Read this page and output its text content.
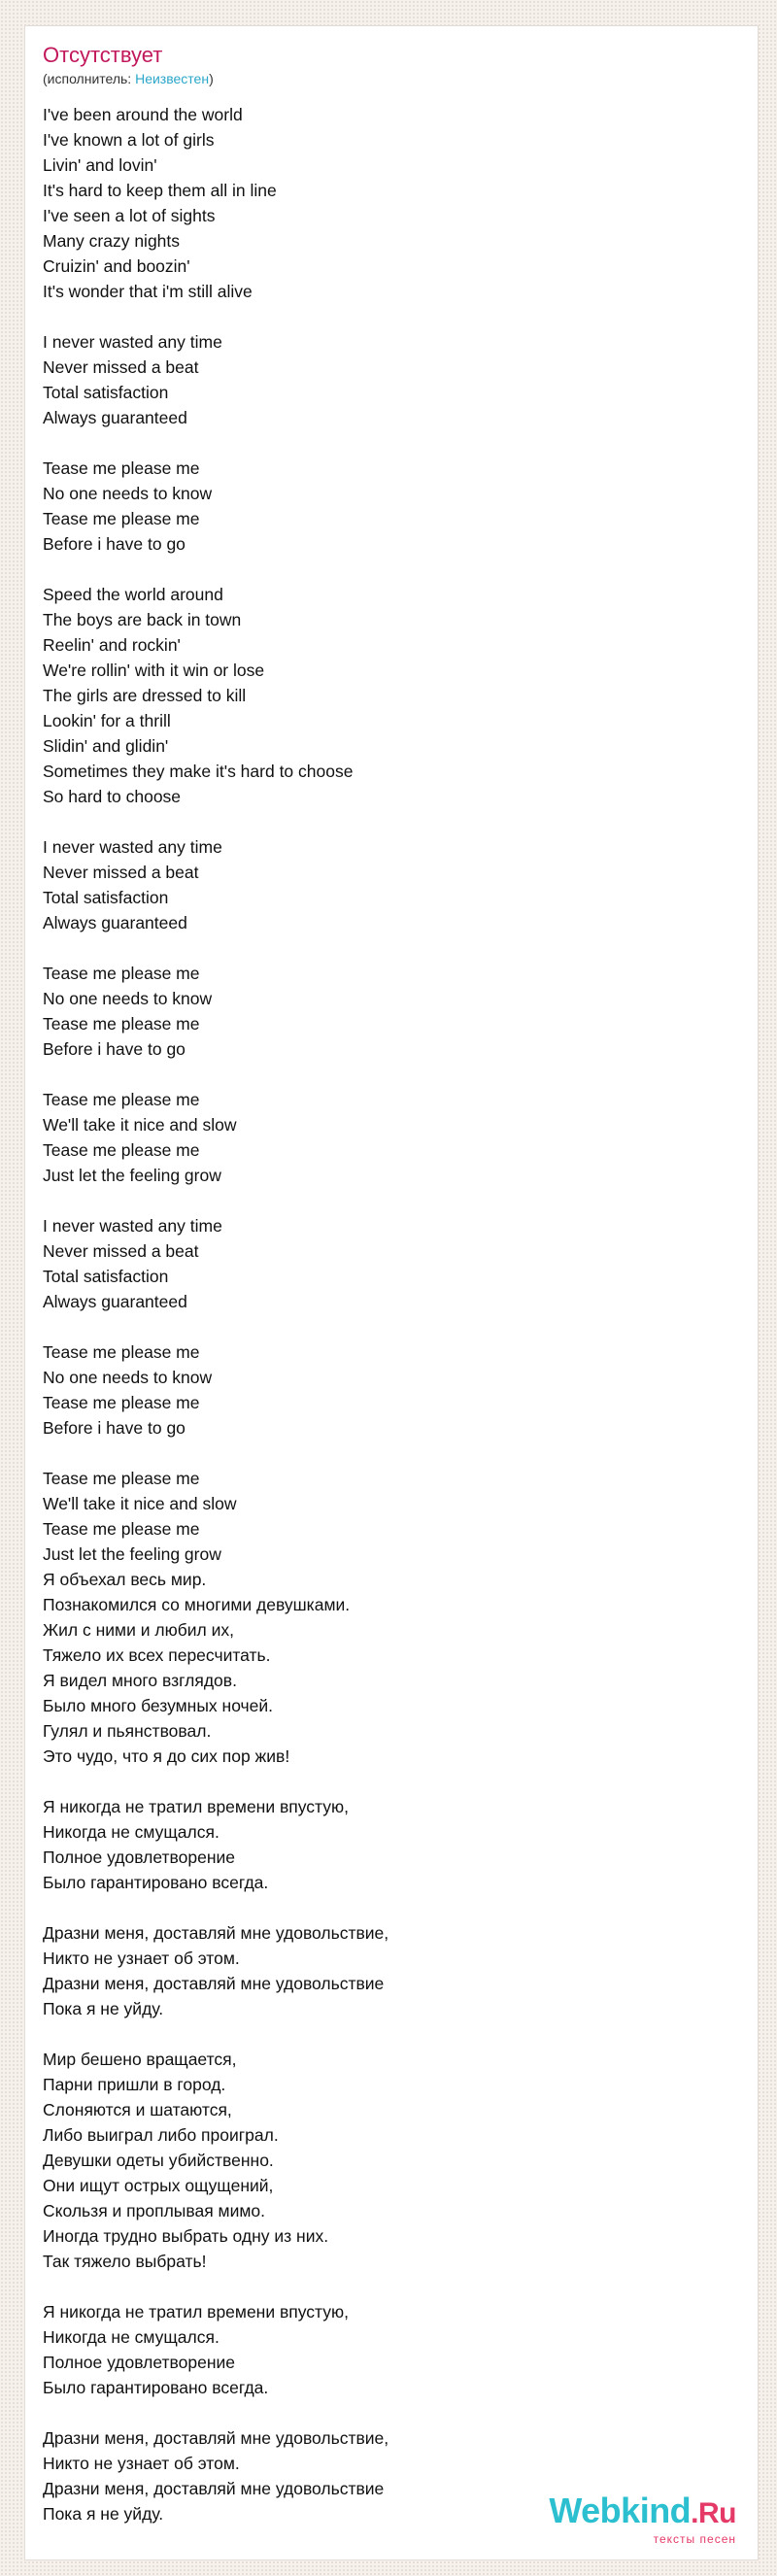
Отсутствует
(исполнитель: Неизвестен)
I've been around the world
I've known a lot of girls
Livin' and lovin'
It's hard to keep them all in line
I've seen a lot of sights
Many crazy nights
Cruizin' and boozin'
It's wonder that i'm still alive
I never wasted any time
Never missed a beat
Total satisfaction
Always guaranteed
Tease me please me
No one needs to know
Tease me please me
Before i have to go
Speed the world around
The boys are back in town
Reelin' and rockin'
We're rollin' with it win or lose
The girls are dressed to kill
Lookin' for a thrill
Slidin' and glidin'
Sometimes they make it's hard to choose
So hard to choose
I never wasted any time
Never missed a beat
Total satisfaction
Always guaranteed
Tease me please me
No one needs to know
Tease me please me
Before i have to go
Tease me please me
We'll take it nice and slow
Tease me please me
Just let the feeling grow
I never wasted any time
Never missed a beat
Total satisfaction
Always guaranteed
Tease me please me
No one needs to know
Tease me please me
Before i have to go
Tease me please me
We'll take it nice and slow
Tease me please me
Just let the feeling grow
Я объехал весь мир.
Познакомился со многими девушками.
Жил с ними и любил их,
Тяжело их всех пересчитать.
Я видел много взглядов.
Было много безумных ночей.
Гулял и пьянствовал.
Это чудо, что я до сих пор жив!
Я никогда не тратил времени впустую,
Никогда не смущался.
Полное удовлетворение
Было гарантировано всегда.
Дразни меня, доставляй мне удовольствие,
Никто не узнает об этом.
Дразни меня, доставляй мне удовольствие
Пока я не уйду.
Мир бешено вращается,
Парни пришли в город.
Слоняются и шатаются,
Либо выиграл либо проиграл.
Девушки одеты убийственно.
Они ищут острых ощущений,
Скользя и проплывая мимо.
Иногда трудно выбрать одну из них.
Так тяжело выбрать!
Я никогда не тратил времени впустую,
Никогда не смущался.
Полное удовлетворение
Было гарантировано всегда.
Дразни меня, доставляй мне удовольствие,
Никто не узнает об этом.
Дразни меня, доставляй мне удовольствие
Пока я не уйду.	Webkind.Ru
тексты песен
